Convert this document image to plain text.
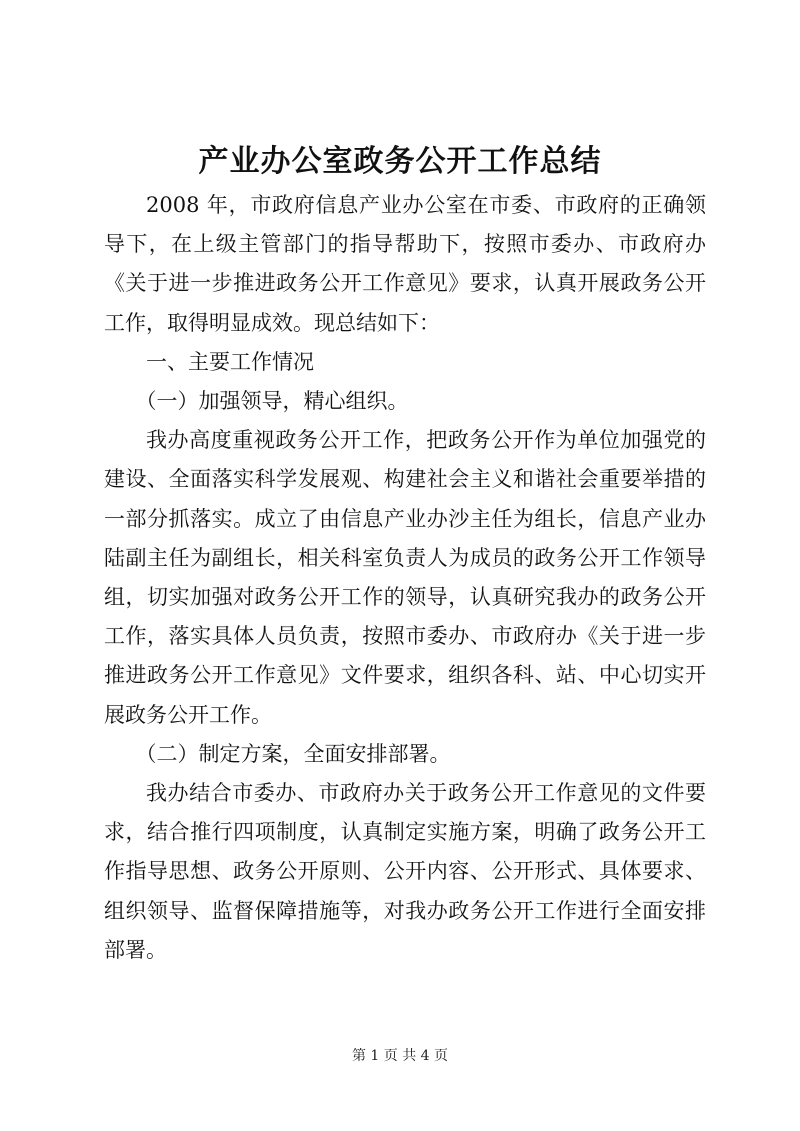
产业办公室政务公开工作总结

2008 年，市政府信息产业办公室在市委、市政府的正确领导下，在上级主管部门的指导帮助下，按照市委办、市政府办《关于进一步推进政务公开工作意见》要求，认真开展政务公开工作，取得明显成效。现总结如下：

一、主要工作情况

（一）加强领导，精心组织。

我办高度重视政务公开工作，把政务公开作为单位加强党的建设、全面落实科学发展观、构建社会主义和谐社会重要举措的一部分抓落实。成立了由信息产业办沙主任为组长，信息产业办陆副主任为副组长，相关科室负责人为成员的政务公开工作领导组，切实加强对政务公开工作的领导，认真研究我办的政务公开工作，落实具体人员负责，按照市委办、市政府办《关于进一步推进政务公开工作意见》文件要求，组织各科、站、中心切实开展政务公开工作。

（二）制定方案，全面安排部署。

我办结合市委办、市政府办关于政务公开工作意见的文件要求，结合推行四项制度，认真制定实施方案，明确了政务公开工作指导思想、政务公开原则、公开内容、公开形式、具体要求、组织领导、监督保障措施等，对我办政务公开工作进行全面安排部署。

第 1 页 共 4 页
